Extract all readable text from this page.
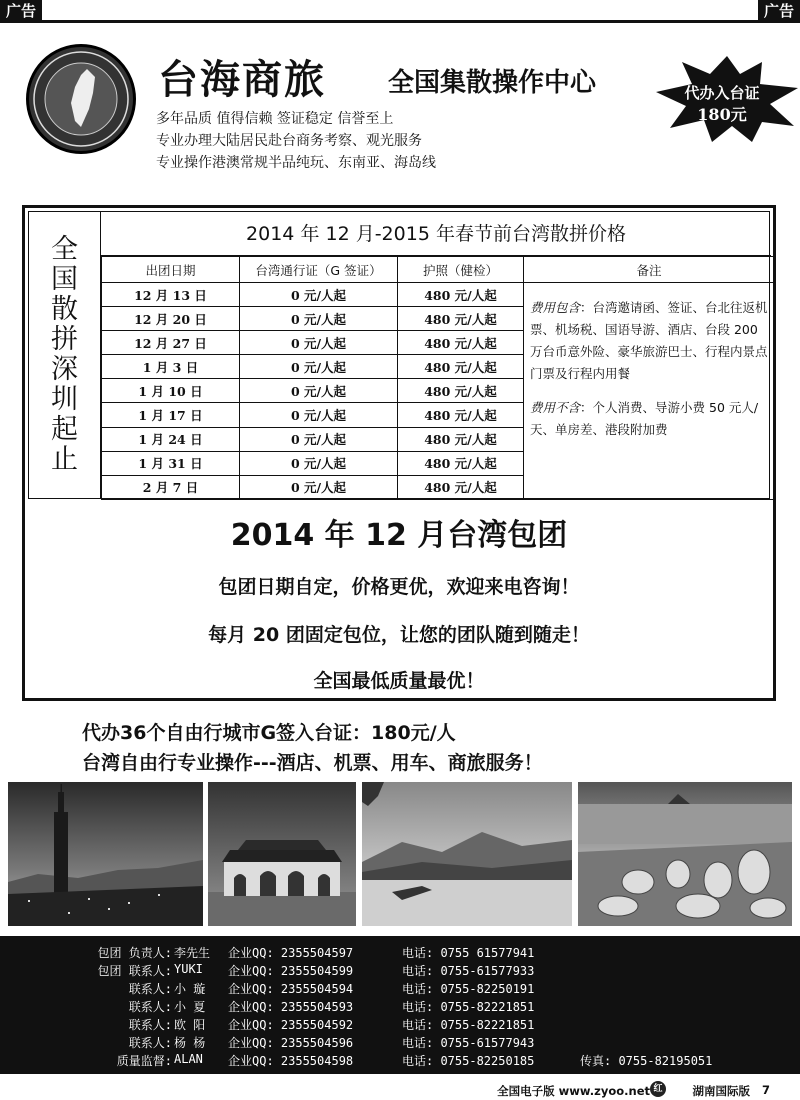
广告	广告
台海商旅 全国集散操作中心	代办入台证
180元
多年品质 值得信赖 签证稳定 信誉至上
专业办理大陆居民赴台商务考察、观光服务
专业操作港澳常规半品纯玩、东南亚、海岛线
全
国
散
拼
深
圳
起
止
2014 年 12 月-2015 年春节前台湾散拼价格
出团日期	台湾通行证（G 签证）	护照（健检）	备注
12 月 13 日	0 元/人起	480 元/人起	费用包含：台湾邀请函、签证、台北往返机票、机场税、国语导游、酒店、台段 200 万台币意外险、豪华旅游巴士、行程内景点门票及行程内用餐
费用不含：个人消费、导游小费 50 元人/天、单房差、港段附加费
12 月 20 日	0 元/人起	480 元/人起	
12 月 27 日	0 元/人起	480 元/人起	
1 月 3 日	0 元/人起	480 元/人起	
1 月 10 日	0 元/人起	480 元/人起	
1 月 17 日	0 元/人起	480 元/人起	
1 月 24 日	0 元/人起	480 元/人起	
1 月 31 日	0 元/人起	480 元/人起	
2 月 7 日	0 元/人起	480 元/人起	
2014 年 12 月台湾包团
包团日期自定，价格更优，欢迎来电咨询！
每月 20 团固定包位，让您的团队随到随走！
全国最低质量最优！
代办36个自由行城市G签入台证：180元/人
台湾自由行专业操作---酒店、机票、用车、商旅服务！
包团 负责人: 李先生 企业QQ: 2355504597	电话: 0755 61577941
包团 联系人: YUKI 企业QQ: 2355504599	电话: 0755-61577933
联系人: 小 璇 企业QQ: 2355504594	电话: 0755-82250191
联系人: 小 夏 企业QQ: 2355504593	电话: 0755-82221851
联系人: 欧 阳 企业QQ: 2355504592	电话: 0755-82221851
联系人: 杨 杨 企业QQ: 2355504596	电话: 0755-61577943
质量监督: ALAN 企业QQ: 2355504598	电话: 0755-82250185	传真: 0755-82195051
全国电子版 www.zyoo.net 红	湖南国际版 7
